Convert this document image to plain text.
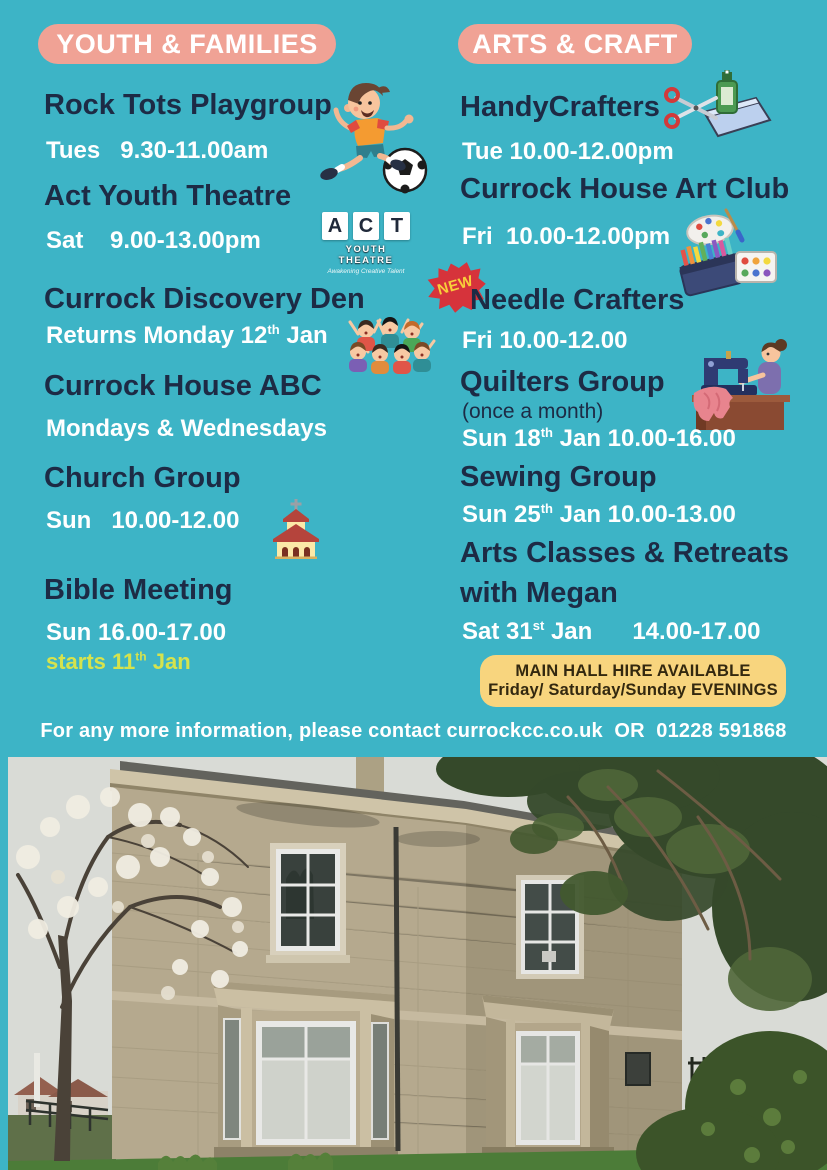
YOUTH & FAMILIES
Rock Tots Playgroup
Tues   9.30-11.00am
Act Youth Theatre
Sat    9.00-13.00pm
A C T
YOUTH THEATRE
Awakening Creative Talent
Currock Discovery Den
Returns Monday 12th Jan
Currock House ABC
Mondays & Wednesdays
Church Group
Sun   10.00-12.00
Bible Meeting
Sun 16.00-17.00
starts 11th Jan
ARTS & CRAFT
HandyCrafters
Tue 10.00-12.00pm
Currock House Art Club
Fri  10.00-12.00pm
NEW
Needle Crafters
Fri 10.00-12.00
Quilters Group
(once a month)
Sun 18th Jan 10.00-16.00
Sewing Group
Sun 25th Jan 10.00-13.00
Arts Classes & Retreats
with Megan
Sat 31st Jan      14.00-17.00
MAIN HALL HIRE AVAILABLE
Friday/ Saturday/Sunday EVENINGS
For any more information, please contact currockcc.co.uk  OR  01228 591868
